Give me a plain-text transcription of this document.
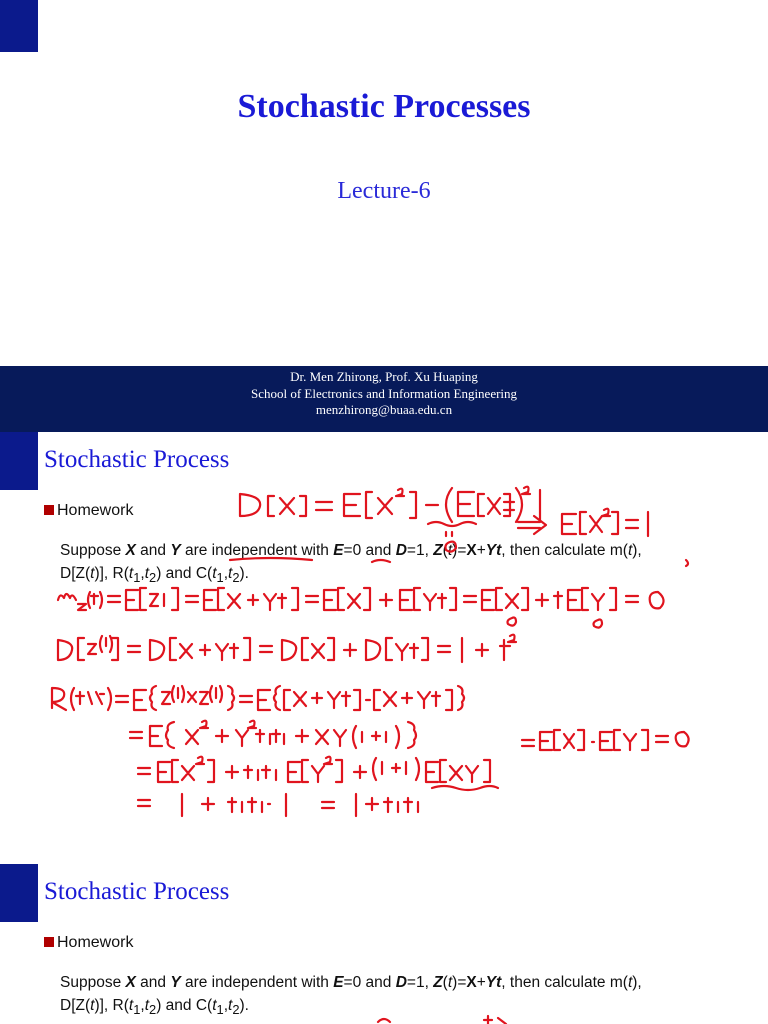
Stochastic Processes
Lecture-6
Dr. Men Zhirong, Prof. Xu Huaping
School of Electronics and Information Engineering
menzhirong@buaa.edu.cn
Stochastic Process
Homework
Suppose X and Y are independent with E=0 and D=1, Z(t)=X+Yt, then calculate m(t),
D[Z(t)], $R(t_1,t_2)$ and $C(t_1,t_2)$.
Stochastic Process
Homework
Suppose X and Y are independent with E=0 and D=1, Z(t)=X+Yt, then calculate m(t),
D[Z(t)], $R(t_1,t_2)$ and $C(t_1,t_2)$.
